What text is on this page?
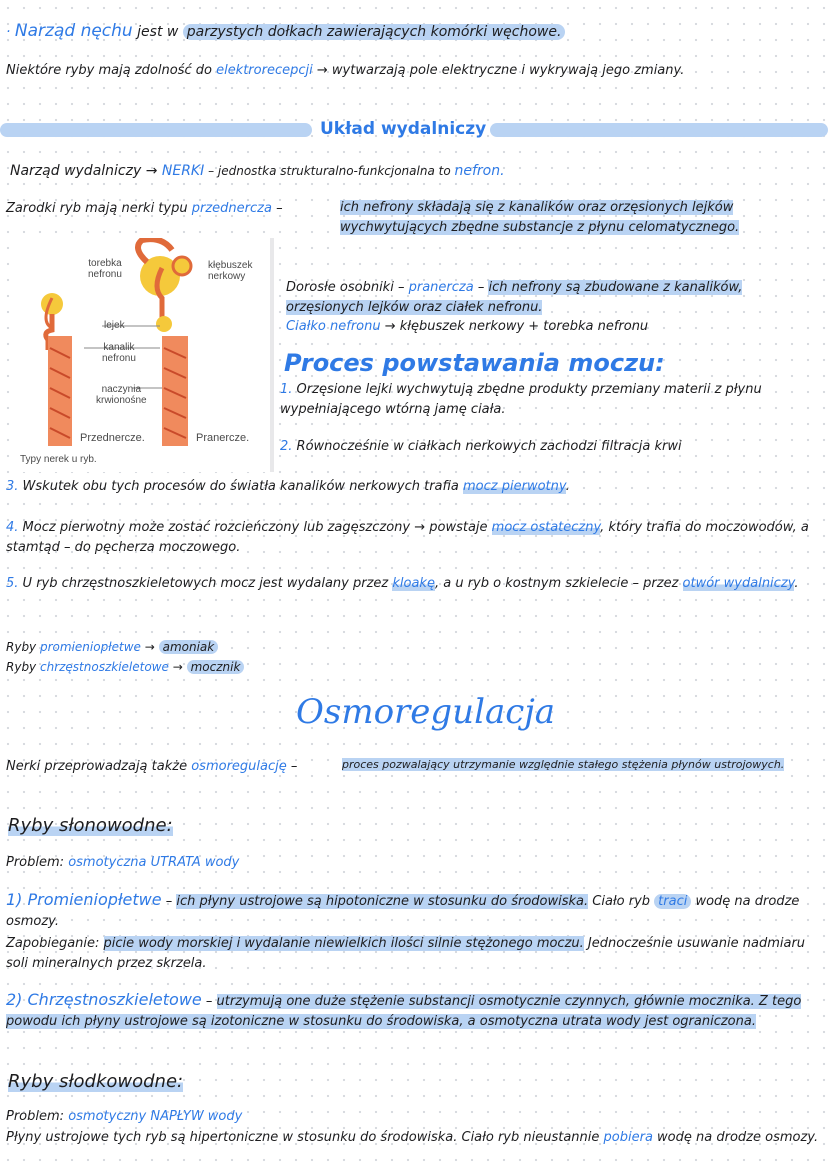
· Narząd nęchu jest w parzystych dołkach zawierających komórki węchowe.
Niektóre ryby mają zdolność do elektrorecepcji → wytwarzają pole elektryczne i wykrywają jego zmiany.
Układ wydalniczy
Narząd wydalniczy → NERKI – jednostka strukturalno-funkcjonalna to nefron.
Zarodki ryb mają nerki typu przednercza –	ich nefrony składają się z kanalików oraz orzęsionych lejków wychwytujących zbędne substancje z płynu celomatycznego.
torebka
nefronu
kłębuszek
nerkowy
lejek
kanalik
nefronu
naczynia
krwionośne
Przednercze.	Pranercze.
Typy nerek u ryb.
Dorosłe osobniki – pranercza – ich nefrony są zbudowane z kanalików, orzęsionych lejków oraz ciałek nefronu.
Ciałko nefronu → kłębuszek nerkowy + torebka nefronu
Proces powstawania moczu:
1. Orzęsione lejki wychwytują zbędne produkty przemiany materii z płynu wypełniającego wtórną jamę ciała.
2. Równocześnie w ciałkach nerkowych zachodzi filtracja krwi
3. Wskutek obu tych procesów do światła kanalików nerkowych trafia mocz pierwotny.
4. Mocz pierwotny może zostać rozcieńczony lub zagęszczony → powstaje mocz ostateczny, który trafia do moczowodów, a stamtąd – do pęcherza moczowego.
5. U ryb chrzęstnoszkieletowych mocz jest wydalany przez kloakę, a u ryb o kostnym szkielecie – przez otwór wydalniczy.
Ryby promieniopłetwe → amoniak
Ryby chrzęstnoszkieletowe → mocznik
Osmoregulacja
Nerki przeprowadzają także osmoregulację –	proces pozwalający utrzymanie względnie stałego stężenia płynów ustrojowych.
Ryby słonowodne:
Problem: osmotyczna UTRATA wody
1) Promieniopłetwe – ich płyny ustrojowe są hipotoniczne w stosunku do środowiska. Ciało ryb traci wodę na drodze osmozy.
Zapobieganie: picie wody morskiej i wydalanie niewielkich ilości silnie stężonego moczu. Jednocześnie usuwanie nadmiaru soli mineralnych przez skrzela.
2) Chrzęstnoszkieletowe – utrzymują one duże stężenie substancji osmotycznie czynnych, głównie mocznika. Z tego powodu ich płyny ustrojowe są izotoniczne w stosunku do środowiska, a osmotyczna utrata wody jest ograniczona.
Ryby słodkowodne:
Problem: osmotyczny NAPŁYW wody
Płyny ustrojowe tych ryb są hipertoniczne w stosunku do środowiska. Ciało ryb nieustannie pobiera wodę na drodze osmozy.
